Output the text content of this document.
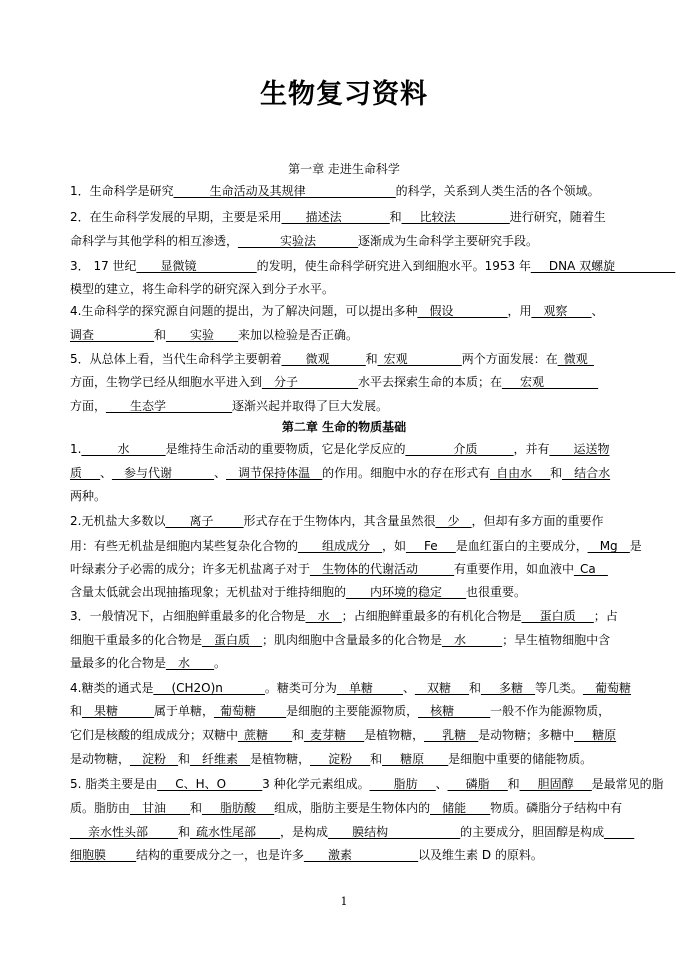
生物复习资料
第一章 走进生命科学
第二章 生命的物质基础
1．生命科学是研究______生命活动及其规律_______________的科学，关系到人类生活的各个领域。
2．在生命科学发展的早期，主要是采用____描述法________和___比较法_________进行研究，随着生
命科学与其他学科的相互渗透，_______实验法_______逐渐成为生命科学主要研究手段。
3． 17 世纪____显微镜__________的发明，使生命科学研究进入到细胞水平。1953 年___DNA 双螺旋__________
模型的建立，将生命科学的研究深入到分子水平。
4.生命科学的探究源自问题的提出，为了解决问题，可以提出多种__假设_________，用__观察____、
调查__________和____实验____来加以检验是否正确。
5．从总体上看，当代生命科学主要朝着____微观______和_宏观_________两个方面发展：在_微观_
方面，生物学已经从细胞水平进入到__分子__________水平去探索生命的本质；在___宏观_________
方面，____生态学___________逐渐兴起并取得了巨大发展。
1.______水______是维持生命活动的重要物质，它是化学反应的________介质______，并有____运送物
质___、__参与代谢_______、__调节保持体温__的作用。细胞中水的存在形式有_自由水___和__结合水
两种。
2.无机盐大多数以____离子_____形式存在于生物体内，其含量虽然很__少__，但却有多方面的重要作
用：有些无机盐是细胞内某些复杂化合物的____组成成分__，如___Fe___是血红蛋白的主要成分，__Mg__是
叶绿素分子必需的成分；许多无机盐离子对于__生物体的代谢活动______有重要作用，如血液中_Ca__
含量太低就会出现抽搐现象；无机盐对于维持细胞的____内环境的稳定____也很重要。
3．一般情况下，占细胞鲜重最多的化合物是__水__；占细胞鲜重最多的有机化合物是___蛋白质___；占
细胞干重最多的化合物是__蛋白质__；肌肉细胞中含量最多的化合物是__水______；旱生植物细胞中含
量最多的化合物是__水____。
4.糖类的通式是___(CH2O)n_______。糖类可分为__单糖_____、__双糖___和___多糖__等几类。__葡萄糖
和__果糖______属于单糖，_葡萄糖_____是细胞的主要能源物质，__核糖______一般不作为能源物质，
它们是核酸的组成成分；双糖中_蔗糖____和_麦芽糖___是植物糖，___乳糖__是动物糖；多糖中___糖原
是动物糖，__淀粉__和__纤维素__是植物糖，___淀粉___和___糖原____是细胞中重要的储能物质。
5. 脂类主要是由___C、H、O______3 种化学元素组成。____脂肪___、___磷脂___和___胆固醇___是最常见的脂
质。脂肪由__甘油____和___脂肪酸___组成，脂肪主要是生物体内的__储能____物质。磷脂分子结构中有
___亲水性头部_____和_疏水性尾部____，是构成____膜结构____________的主要成分，胆固醇是构成_____
细胞膜_____结构的重要成分之一，也是许多____激素___________以及维生素 D 的原料。
1
